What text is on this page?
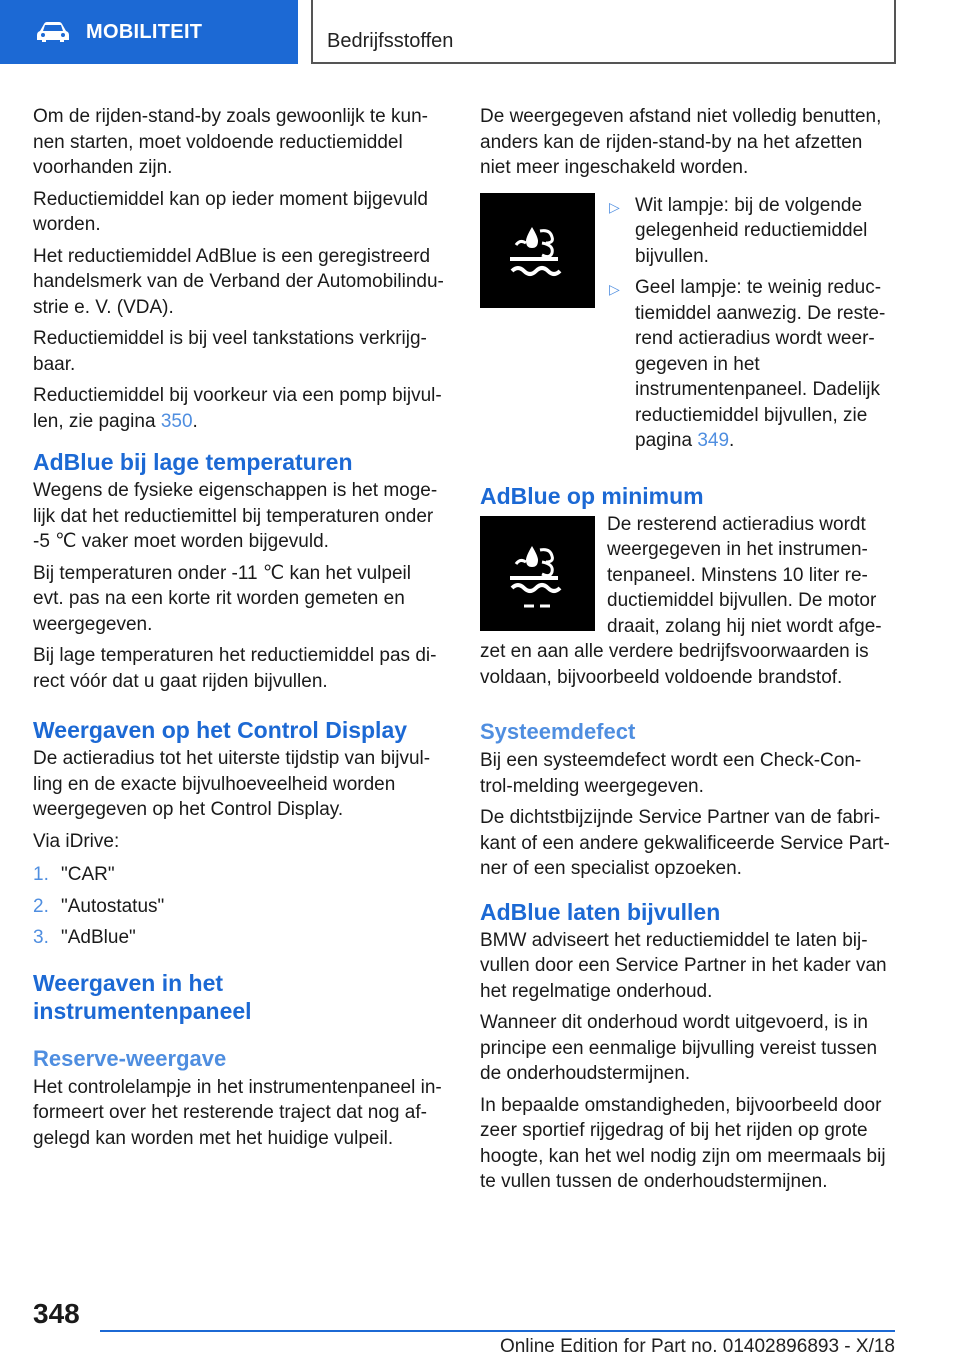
MOBILITEIT	Bedrijfsstoffen

Om de rijden-stand-by zoals gewoonlijk te kun-nen starten, moet voldoende reductiemiddel voorhanden zijn.

Reductiemiddel kan op ieder moment bijgevuld worden.

Het reductiemiddel AdBlue is een geregistreerd handelsmerk van de Verband der Automobilindu-strie e. V. (VDA).

Reductiemiddel is bij veel tankstations verkrijg-baar.

Reductiemiddel bij voorkeur via een pomp bijvul-len, zie pagina 350.

AdBlue bij lage temperaturen

Wegens de fysieke eigenschappen is het moge-lijk dat het reductiemittel bij temperaturen onder -5 ℃ vaker moet worden bijgevuld.

Bij temperaturen onder -11 ℃ kan het vulpeil evt. pas na een korte rit worden gemeten en weergegeven.

Bij lage temperaturen het reductiemiddel pas di-rect vóór dat u gaat rijden bijvullen.

Weergaven op het Control Display

De actieradius tot het uiterste tijdstip van bijvul-ling en de exacte bijvulhoeveelheid worden weergegeven op het Control Display.

Via iDrive:

1. "CAR"
2. "Autostatus"
3. "AdBlue"
Weergaven in het instrumentenpaneel
Reserve-weergave

Het controlelampje in het instrumentenpaneel in-formeert over het resterende traject dat nog af-gelegd kan worden met het huidige vulpeil.

De weergegeven afstand niet volledig benutten, anders kan de rijden-stand-by na het afzetten niet meer ingeschakeld worden.

▷ Wit lampje: bij de volgende gelegenheid reductiemiddel bijvullen.
▷ Geel lampje: te weinig reduc-tiemiddel aanwezig. De reste-rend actieradius wordt weer-gegeven in het instrumentenpaneel. Dadelijk reductiemiddel bijvullen, zie pagina 349.
AdBlue op minimum

De resterend actieradius wordt weergegeven in het instrumen-tenpaneel. Minstens 10 liter re-ductiemiddel bijvullen. De motor draait, zolang hij niet wordt afge-zet en aan alle verdere bedrijfsvoorwaarden is voldaan, bijvoorbeeld voldoende brandstof.

Systeemdefect

Bij een systeemdefect wordt een Check-Con-trol-melding weergegeven.

De dichtstbijzijnde Service Partner van de fabri-kant of een andere gekwalificeerde Service Part-ner of een specialist opzoeken.

AdBlue laten bijvullen

BMW adviseert het reductiemiddel te laten bij-vullen door een Service Partner in het kader van het regelmatige onderhoud.

Wanneer dit onderhoud wordt uitgevoerd, is in principe een eenmalige bijvulling vereist tussen de onderhoudstermijnen.

In bepaalde omstandigheden, bijvoorbeeld door zeer sportief rijgedrag of bij het rijden op grote hoogte, kan het wel nodig zijn om meermaals bij te vullen tussen de onderhoudstermijnen.

348
Online Edition for Part no. 01402896893 - X/18
